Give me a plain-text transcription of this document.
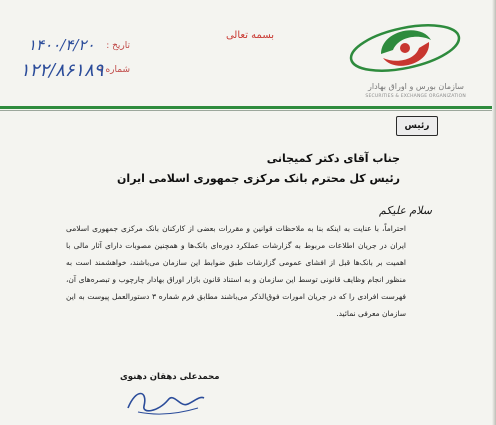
سازمان بورس و اوراق بهادار
SECURITIES & EXCHANGE ORGANIZATION
بسمه تعالی
تاریخ :
شماره :
۱۴۰۰/۴/۲۰
۱۲۲/۸۶۱۸۹
رئیس
جناب آقای دکتر کمیجانی
رئیس کل محترم بانک مرکزی جمهوری اسلامی ایران
سلام علیکم

احتراماً، با عنایت به اینکه بنا به ملاحظات قوانین و مقررات بعضی از کارکنان بانک مرکزی جمهوری اسلامی ایران در جریان اطلاعات مربوط به گزارشات عملکرد دوره‌ای بانک‌ها و همچنین مصوبات دارای آثار مالی با اهمیت بر بانک‌ها قبل از افشای عمومی گزارشات طبق ضوابط این سازمان می‌باشند، خواهشمند است به منظور انجام وظایف قانونی توسط این سازمان و به استناد قانون بازار اوراق بهادار چارچوب و تبصره‌های آن، فهرست افرادی را که در جریان امورات فوق‌الذکر می‌باشند مطابق فرم شماره ۳ دستورالعمل پیوست به این سازمان معرفی نمائید.

محمدعلی دهقان دهنوی
